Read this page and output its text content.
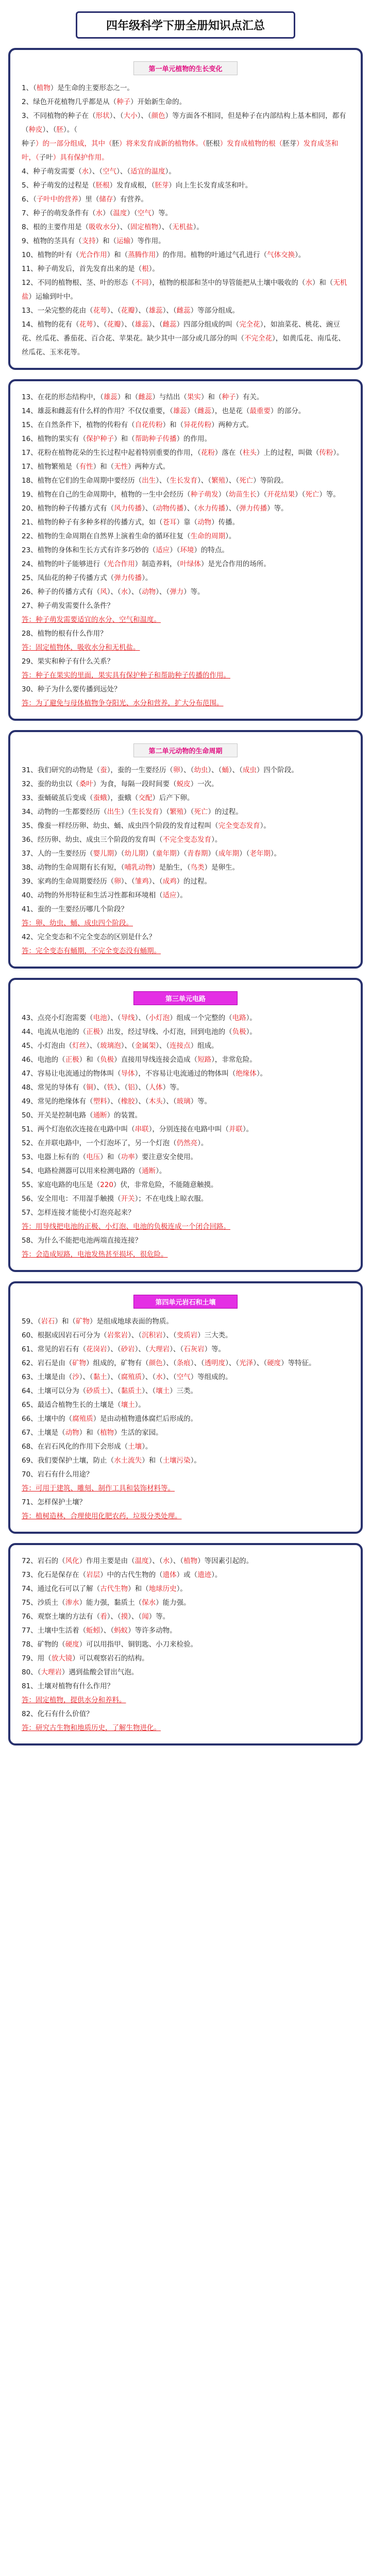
四年级科学下册全册知识点汇总
第一单元植物的生长变化

1、（植物）是生命的主要形态之一。

2、绿色开花植物几乎都是从（种子）开始新生命的。

3、不同植物的种子在（形状）、（大小）、（颜色）等方面各不相同，但是种子在内部结构上基本相同，都有（种皮）、（胚）。（

种子）的一部分组成，其中（胚）将来发育成新的植物体。（胚根）发育成植物的根（胚芽）发育成茎和叶，（子叶）具有保护作用。

4、种子萌发需要（水）、（空气）、（适宜的温度）。

5、种子萌发的过程是（胚根）发育成根，（胚芽）向上生长发育成茎和叶。

6、（子叶中的营养）里（储存）有营养。

7、种子的萌发条件有（水）（温度）（空气）等。

8、根的主要作用是（吸收水分）、（固定植物）、（无机盐）。

9、植物的茎具有（支持）和（运输）等作用。

10、植物的叶有（光合作用）和（蒸腾作用）的作用。植物的叶通过气孔进行（气体交换）。

11、种子萌发后，首先发育出来的是（根）。

12、不同的植物根、茎、叶的形态（不同），植物的根部和茎中的导管能把从土壤中吸收的（水）和（无机盐）运输到叶中。

13、一朵完整的花由（花萼）、（花瓣）、（雄蕊）、（雌蕊）等部分组成。

14、植物的花有（花萼）、（花瓣）、（雄蕊）、（雌蕊）四部分组成的叫（完全花），如油菜花、桃花、豌豆花、丝瓜花、番茄花、百合花、苹果花。缺少其中一部分或几部分的叫（不完全花），如黄瓜花、南瓜花、丝瓜花、玉米花等。

13、在花的形态结构中，（雄蕊）和（雌蕊）与结出（果实）和（种子）有关。

14、雄蕊和雌蕊有什么样的作用？不仅仅重要，（雄蕊）（雌蕊），也是花（最重要）的部分。

15、在自然条件下，植物的传粉有（自花传粉）和（异花传粉）两种方式。

16、植物的果实有（保护种子）和（帮助种子传播）的作用。

17、花粉在植物花朵的生长过程中起着特别重要的作用，（花粉）落在（柱头）上的过程，叫做（传粉）。

17、植物繁殖是（有性）和（无性）两种方式。

18、植物在它们的生命周期中要经历（出生）、（生长发育）、（繁殖）、（死亡）等阶段。

19、植物在自己的生命周期中，植物的一生中会经历（种子萌发）（幼苗生长）（开花结果）（死亡）等。

20、植物的种子传播方式有（风力传播）、（动物传播）、（水力传播）、（弹力传播）等。

21、植物的种子有多种多样的传播方式，如（苍耳）靠（动物）传播。

22、植物的生命周期在自然界上演着生命的循环往复（生命的周期）。

23、植物的身体和生长方式有许多巧妙的（适应）（环境）的特点。

24、植物的叶子能够进行（光合作用）制造养料，（叶绿体）是光合作用的场所。

25、凤仙花的种子传播方式（弹力传播）。

26、种子的传播方式有（风）、（水）、（动物）、（弹力）等。

27、种子萌发需要什么条件？

答：种子萌发需要适宜的水分、空气和温度。

28、植物的根有什么作用？

答：固定植物体，吸收水分和无机盐。

29、果实和种子有什么关系？

答：种子在果实的里面，果实具有保护种子和帮助种子传播的作用。

30、种子为什么要传播到远处？

答：为了避免与母体植物争夺阳光、水分和营养，扩大分布范围。

第二单元动物的生命周期

31、我们研究的动物是（蚕），蚕的一生要经历（卵）、（幼虫）、（蛹）、（成虫）四个阶段。

32、蚕的幼虫以（桑叶）为食，每隔一段时间要（蜕皮）一次。

33、蚕蛹破茧后变成（蚕蛾），蚕蛾（交配）后产下卵。

34、动物的一生都要经历（出生）（生长发育）（繁殖）（死亡）的过程。

35、像蚕一样经历卵、幼虫、蛹、成虫四个阶段的发育过程叫（完全变态发育）。

36、经历卵、幼虫、成虫三个阶段的发育叫（不完全变态发育）。

37、人的一生要经历（婴儿期）（幼儿期）（童年期）（青春期）（成年期）（老年期）。

38、动物的生命周期有长有短，（哺乳动物）是胎生，（鸟类）是卵生。

39、家鸡的生命周期要经历（卵）、（雏鸡）、（成鸡）的过程。

40、动物的外形特征和生活习性都和环境相（适应）。

41、蚕的一生要经历哪几个阶段？

答：卵、幼虫、蛹、成虫四个阶段。

42、完全变态和不完全变态的区别是什么？

答：完全变态有蛹期，不完全变态没有蛹期。

第三单元电路

43、点亮小灯泡需要（电池）、（导线）、（小灯泡）组成一个完整的（电路）。

44、电流从电池的（正极）出发，经过导线、小灯泡，回到电池的（负极）。

45、小灯泡由（灯丝）、（玻璃泡）、（金属架）、（连接点）组成。

46、电池的（正极）和（负极）直接用导线连接会造成（短路），非常危险。

47、容易让电流通过的物体叫（导体），不容易让电流通过的物体叫（绝缘体）。

48、常见的导体有（铜）、（铁）、（铝）、（人体）等。

49、常见的绝缘体有（塑料）、（橡胶）、（木头）、（玻璃）等。

50、开关是控制电路（通断）的装置。

51、两个灯泡依次连接在电路中叫（串联），分别连接在电路中叫（并联）。

52、在并联电路中，一个灯泡坏了，另一个灯泡（仍然亮）。

53、电器上标有的（电压）和（功率）要注意安全使用。

54、电路检测器可以用来检测电路的（通断）。

55、家庭电路的电压是（220）伏，非常危险，不能随意触摸。

56、安全用电：不用湿手触摸（开关）；不在电线上晾衣服。

57、怎样连接才能使小灯泡亮起来？

答：用导线把电池的正极、小灯泡、电池的负极连成一个闭合回路。

58、为什么不能把电池两端直接连接？

答：会造成短路，电池发热甚至损坏，很危险。

第四单元岩石和土壤

59、（岩石）和（矿物）是组成地球表面的物质。

60、根据成因岩石可分为（岩浆岩）、（沉积岩）、（变质岩）三大类。

61、常见的岩石有（花岗岩）、（砂岩）、（大理岩）、（石灰岩）等。

62、岩石是由（矿物）组成的，矿物有（颜色）、（条痕）、（透明度）、（光泽）、（硬度）等特征。

63、土壤是由（沙）、（黏土）、（腐殖质）、（水）、（空气）等组成的。

64、土壤可以分为（砂质土）、（黏质土）、（壤土）三类。

65、最适合植物生长的土壤是（壤土）。

66、土壤中的（腐殖质）是由动植物遗体腐烂后形成的。

67、土壤是（动物）和（植物）生活的家园。

68、在岩石风化的作用下会形成（土壤）。

69、我们要保护土壤，防止（水土流失）和（土壤污染）。

70、岩石有什么用途？

答：可用于建筑、雕刻、制作工具和装饰材料等。

71、怎样保护土壤？

答：植树造林，合理使用化肥农药，垃圾分类处理。

72、岩石的（风化）作用主要是由（温度）、（水）、（植物）等因素引起的。

73、化石是保存在（岩层）中的古代生物的（遗体）或（遗迹）。

74、通过化石可以了解（古代生物）和（地球历史）。

75、沙质土（渗水）能力强，黏质土（保水）能力强。

76、观察土壤的方法有（看）、（摸）、（闻）等。

77、土壤中生活着（蚯蚓）、（蚂蚁）等许多动物。

78、矿物的（硬度）可以用指甲、铜钥匙、小刀来检验。

79、用（放大镜）可以观察岩石的结构。

80、（大理岩）遇到盐酸会冒出气泡。

81、土壤对植物有什么作用？

答：固定植物，提供水分和养料。

82、化石有什么价值？

答：研究古生物和地质历史，了解生物进化。
